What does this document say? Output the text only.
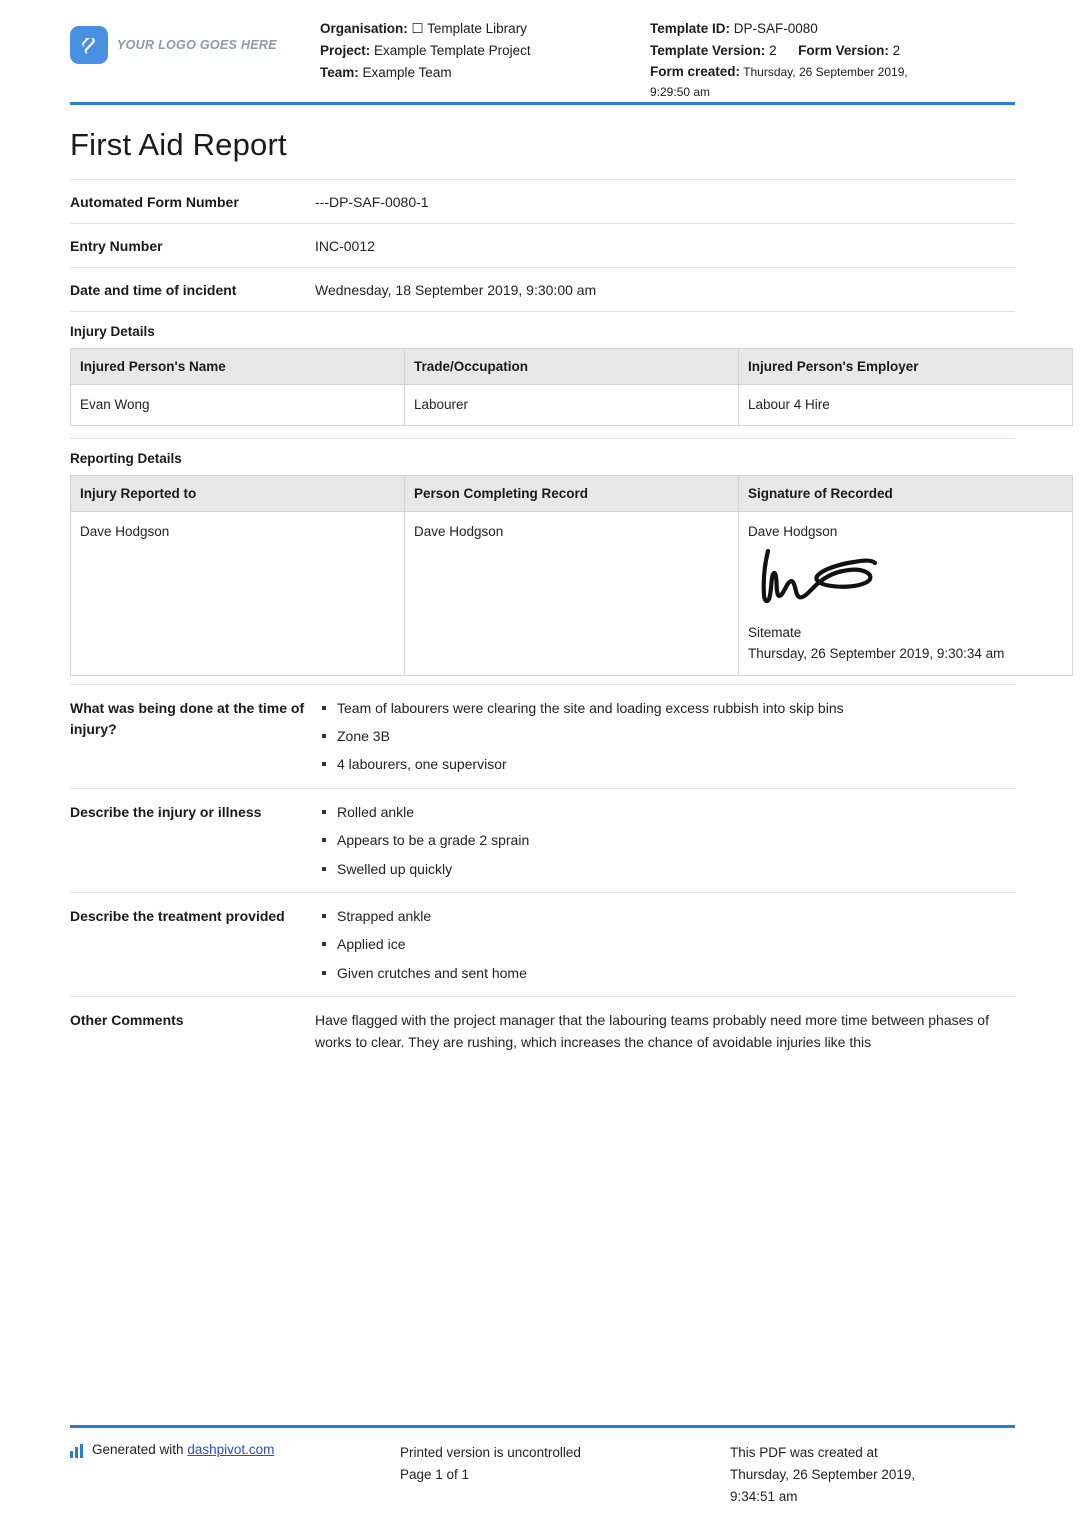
YOUR LOGO GOES HERE
Organisation: ☐ Template Library
Project: Example Template Project
Team: Example Team
Template ID: DP-SAF-0080
Template Version: 2 Form Version: 2
Form created: Thursday, 26 September 2019,
9:29:50 am
First Aid Report
Automated Form Number	---DP-SAF-0080-1
Entry Number	INC-0012
Date and time of incident	Wednesday, 18 September 2019, 9:30:00 am
Injury Details
Injured Person's Name	Trade/Occupation	Injured Person's Employer
Evan Wong	Labourer	Labour 4 Hire
Reporting Details
Injury Reported to	Person Completing Record	Signature of Recorded
Dave Hodgson	Dave Hodgson	Dave Hodgson
Sitemate
Thursday, 26 September 2019, 9:30:34 am
What was being done at the time of injury?
Team of labourers were clearing the site and loading excess rubbish into skip bins
Zone 3B
4 labourers, one supervisor
Describe the injury or illness	Rolled ankle
Appears to be a grade 2 sprain
Swelled up quickly
Describe the treatment provided	Strapped ankle
Applied ice
Given crutches and sent home
Other Comments	Have flagged with the project manager that the labouring teams probably need more time between phases of works to clear. They are rushing, which increases the chance of avoidable injuries like this
Generated with
dashpivot.com	Printed version is uncontrolled
Page 1 of 1
This PDF was created at
Thursday, 26 September 2019,
9:34:51 am
